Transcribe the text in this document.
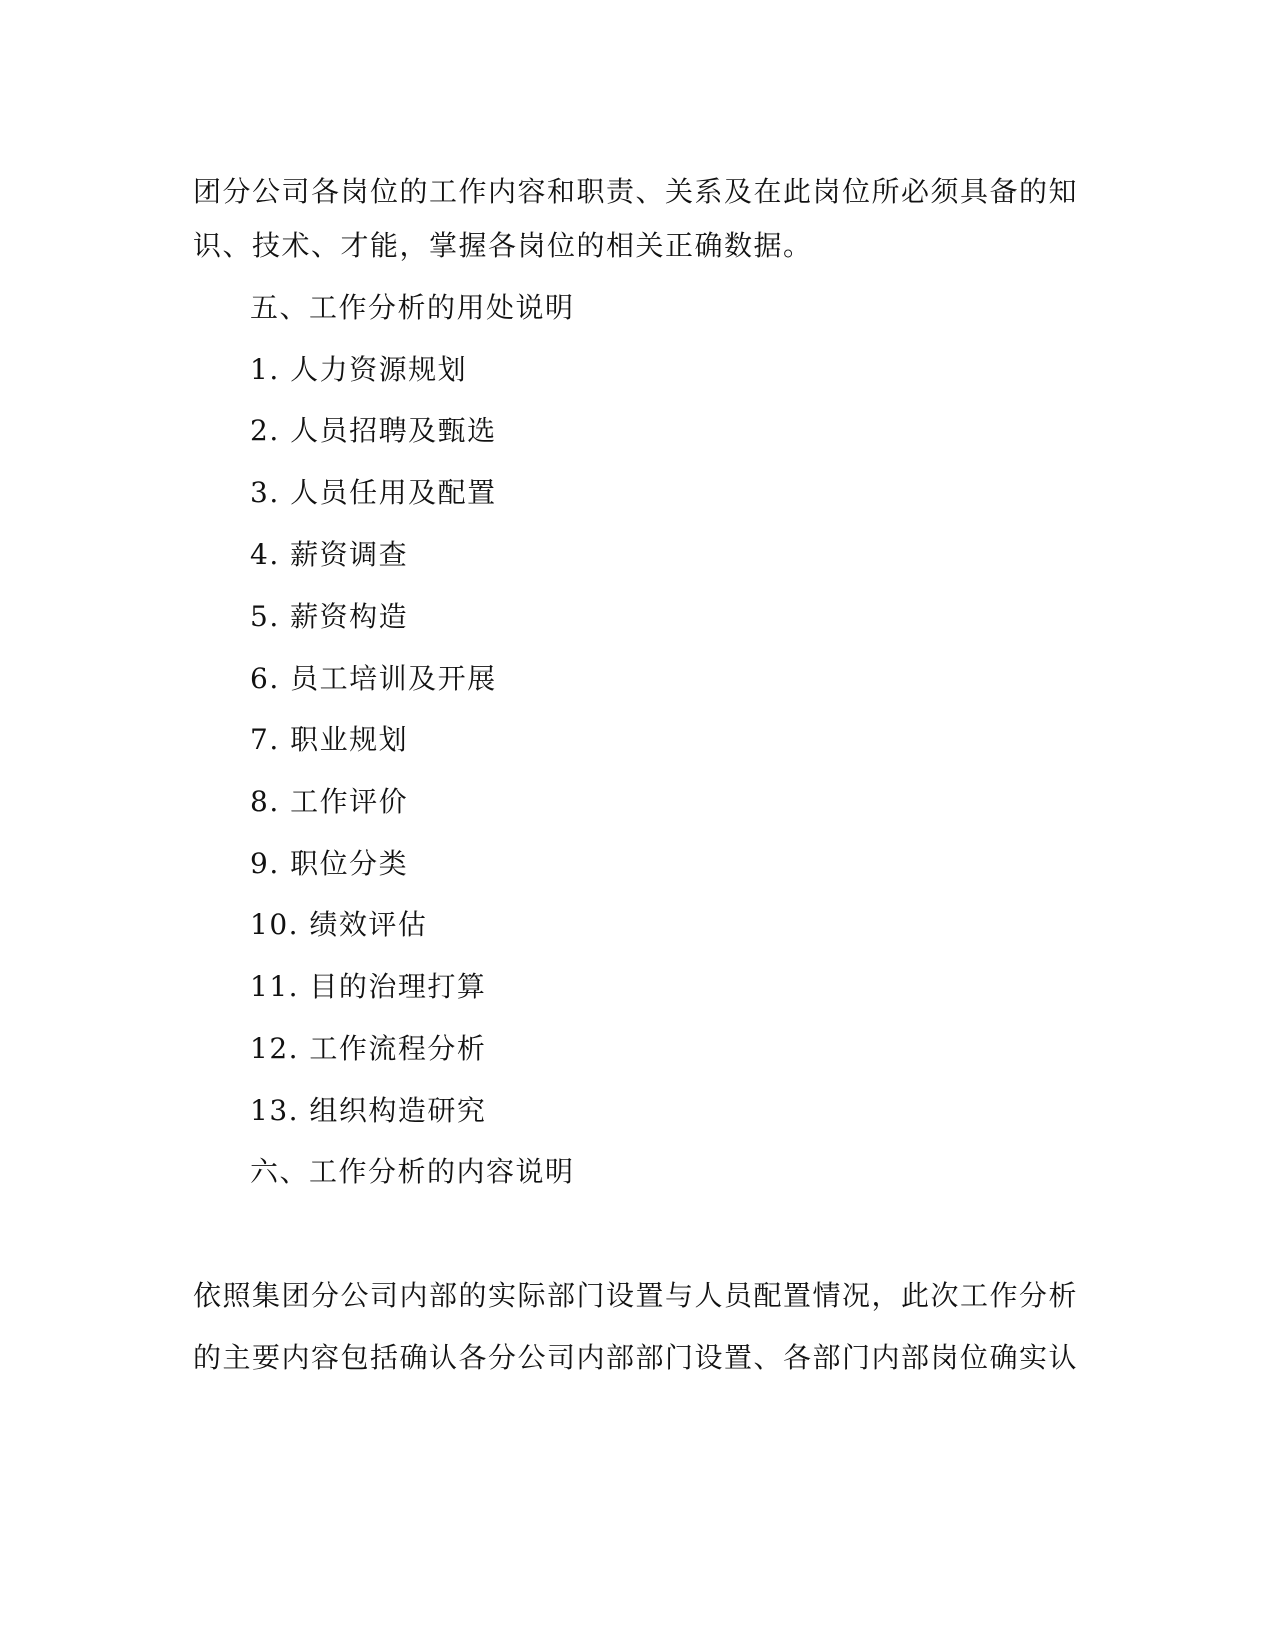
团分公司各岗位的工作内容和职责、关系及在此岗位所必须具备的知
识、技术、才能，掌握各岗位的相关正确数据。
五、工作分析的用处说明
1. 人力资源规划
2. 人员招聘及甄选
3. 人员任用及配置
4. 薪资调查
5. 薪资构造
6. 员工培训及开展
7. 职业规划
8. 工作评价
9. 职位分类
10. 绩效评估
11. 目的治理打算
12. 工作流程分析
13. 组织构造研究
六、工作分析的内容说明
依照集团分公司内部的实际部门设置与人员配置情况，此次工作分析
的主要内容包括确认各分公司内部部门设置、各部门内部岗位确实认
